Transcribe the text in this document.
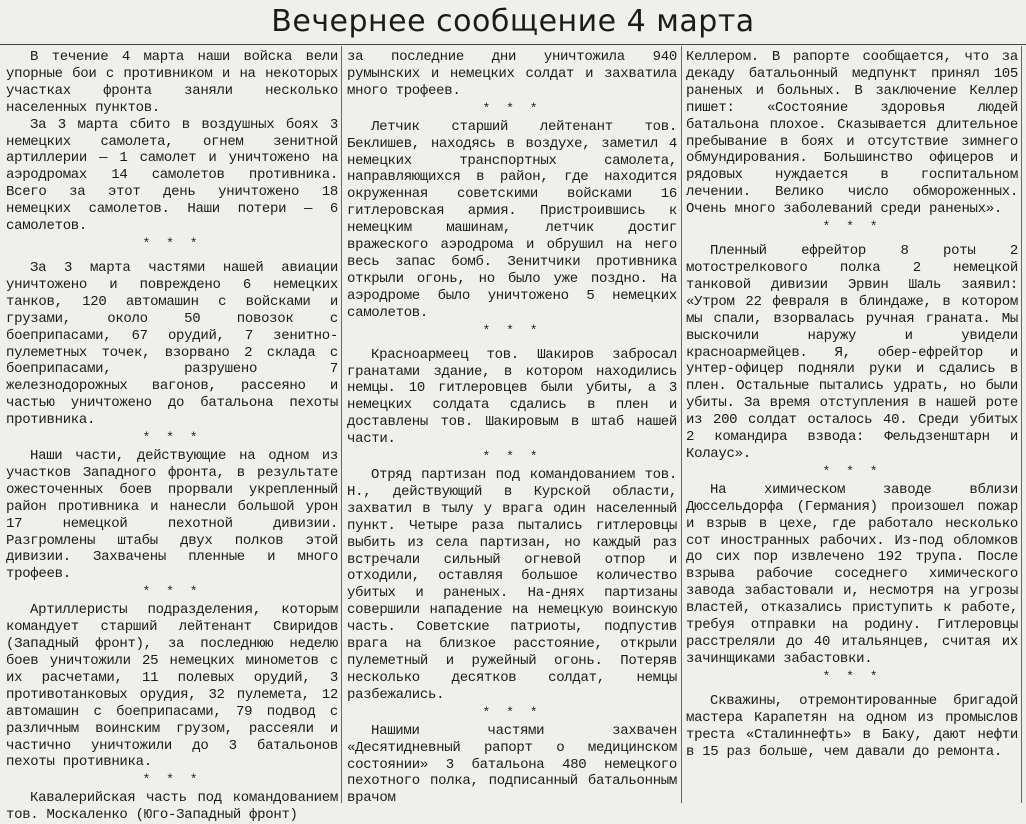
Вечернее сообщение 4 марта

В течение 4 марта наши войска вели упорные бои с противником и на некоторых участках фронта заняли несколько населенных пунктов.

За 3 марта сбито в воздушных боях 3 немецких самолета, огнем зенитной артиллерии — 1 самолет и уничтожено на аэродромах 14 самолетов противника. Всего за этот день уничтожено 18 немецких самолетов. Наши потери — 6 самолетов.

* * *

За 3 марта частями нашей авиации уничтожено и повреждено 6 немецких танков, 120 автомашин с войсками и грузами, около 50 повозок с боеприпасами, 67 орудий, 7 зенитно-пулеметных точек, взорвано 2 склада с боеприпасами, разрушено 7 железнодорожных вагонов, рассеяно и частью уничтожено до батальона пехоты противника.

* * *

Наши части, действующие на одном из участков Западного фронта, в результате ожесточенных боев прорвали укрепленный район противника и нанесли большой урон 17 немецкой пехотной дивизии. Разгромлены штабы двух полков этой дивизии. Захвачены пленные и много трофеев.

* * *

Артиллеристы подразделения, которым командует старший лейтенант Свиридов (Западный фронт), за последнюю неделю боев уничтожили 25 немецких минометов с их расчетами, 11 полевых орудий, 3 противотанковых орудия, 32 пулемета, 12 автомашин с боеприпасами, 79 подвод с различным воинским грузом, рассеяли и частично уничтожили до 3 батальонов пехоты противника.

* * *

Кавалерийская часть под командованием тов. Москаленко (Юго-Западный фронт)

за последние дни уничтожила 940 румынских и немецких солдат и захватила много трофеев.

* * *

Летчик старший лейтенант тов. Беклишев, находясь в воздухе, заметил 4 немецких транспортных самолета, направляющихся в район, где находится окруженная советскими войсками 16 гитлеровская армия. Пристроившись к немецким машинам, летчик достиг вражеского аэродрома и обрушил на него весь запас бомб. Зенитчики противника открыли огонь, но было уже поздно. На аэродроме было уничтожено 5 немецких самолетов.

* * *

Красноармеец тов. Шакиров забросал гранатами здание, в котором находились немцы. 10 гитлеровцев были убиты, а 3 немецких солдата сдались в плен и доставлены тов. Шакировым в штаб нашей части.

* * *

Отряд партизан под командованием тов. Н., действующий в Курской области, захватил в тылу у врага один населенный пункт. Четыре раза пытались гитлеровцы выбить из села партизан, но каждый раз встречали сильный огневой отпор и отходили, оставляя большое количество убитых и раненых. На-днях партизаны совершили нападение на немецкую воинскую часть. Советские патриоты, подпустив врага на близкое расстояние, открыли пулеметный и ружейный огонь. Потеряв несколько десятков солдат, немцы разбежались.

* * *

Нашими частями захвачен «Десятидневный рапорт о медицинском состоянии» 3 батальона 480 немецкого пехотного полка, подписанный батальонным врачом

Келлером. В рапорте сообщается, что за декаду батальонный медпункт принял 105 раненых и больных. В заключение Келлер пишет: «Состояние здоровья людей батальона плохое. Сказывается длительное пребывание в боях и отсутствие зимнего обмундирования. Большинство офицеров и рядовых нуждается в госпитальном лечении. Велико число обмороженных. Очень много заболеваний среди раненых».

* * *

Пленный ефрейтор 8 роты 2 мотострелкового полка 2 немецкой танковой дивизии Эрвин Шаль заявил: «Утром 22 февраля в блиндаже, в котором мы спали, взорвалась ручная граната. Мы выскочили наружу и увидели красноармейцев. Я, обер-ефрейтор и унтер-офицер подняли руки и сдались в плен. Остальные пытались удрать, но были убиты. За время отступления в нашей роте из 200 солдат осталось 40. Среди убитых 2 командира взвода: Фельдзенштарн и Колаус».

* * *

На химическом заводе вблизи Дюссельдорфа (Германия) произошел пожар и взрыв в цехе, где работало несколько сот иностранных рабочих. Из-под обломков до сих пор извлечено 192 трупа. После взрыва рабочие соседнего химического завода забастовали и, несмотря на угрозы властей, отказались приступить к работе, требуя отправки на родину. Гитлеровцы расстреляли до 40 итальянцев, считая их зачинщиками забастовки.

* * *

Скважины, отремонтированные бригадой мастера Карапетян на одном из промыслов треста «Сталиннефть» в Баку, дают нефти в 15 раз больше, чем давали до ремонта.
